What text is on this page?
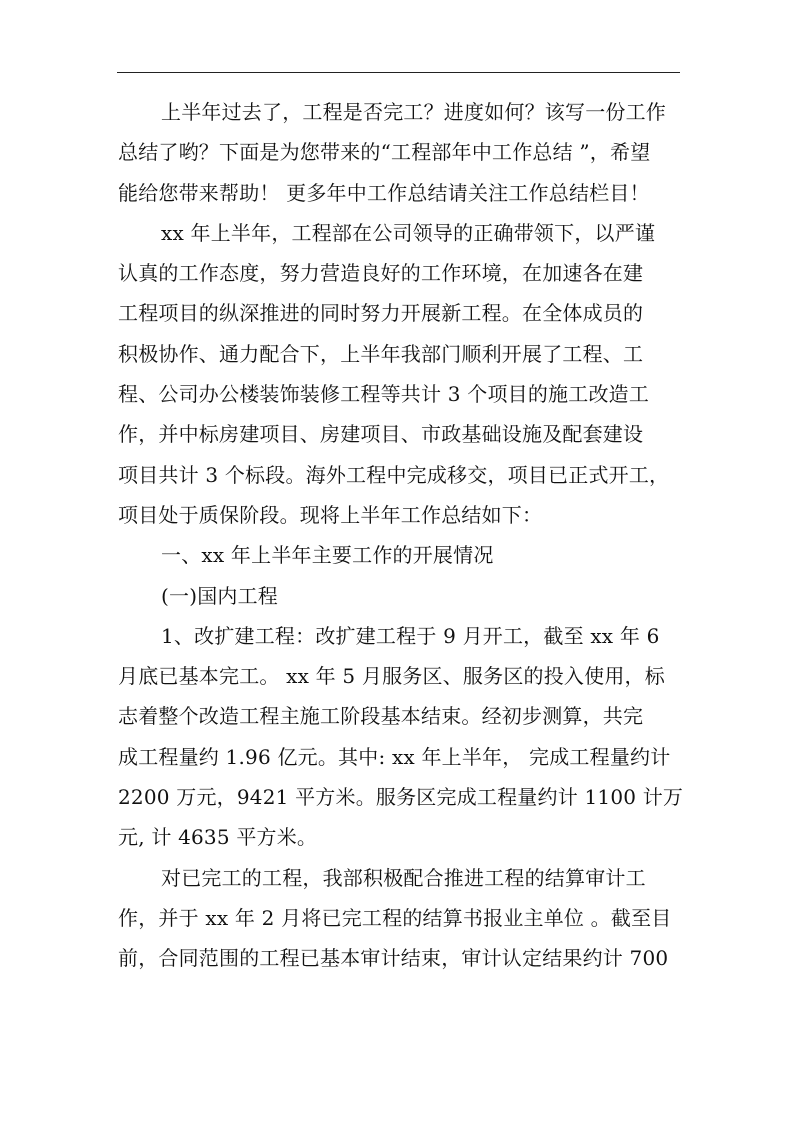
上半年过去了，工程是否完工？进度如何？该写一份工作
总结了哟？下面是为您带来的“工程部年中工作总结 ”，希望
能给您带来帮助！ 更多年中工作总结请关注工作总结栏目！
xx 年上半年，工程部在公司领导的正确带领下，以严谨
认真的工作态度，努力营造良好的工作环境，在加速各在建
工程项目的纵深推进的同时努力开展新工程。在全体成员的
积极协作、通力配合下，上半年我部门顺利开展了工程、工
程、公司办公楼装饰装修工程等共计 3 个项目的施工改造工
作，并中标房建项目、房建项目、市政基础设施及配套建设
项目共计 3 个标段。海外工程中完成移交，项目已正式开工，
项目处于质保阶段。现将上半年工作总结如下：
一、xx 年上半年主要工作的开展情况
(一)国内工程
1、改扩建工程：改扩建工程于 9 月开工，截至 xx 年 6
月底已基本完工。 xx 年 5 月服务区、服务区的投入使用，标
志着整个改造工程主施工阶段基本结束。经初步测算，共完
成工程量约 1.96 亿元。其中: xx 年上半年， 完成工程量约计
2200 万元，9421 平方米。服务区完成工程量约计 1100 计万
元, 计 4635 平方米。
对已完工的工程，我部积极配合推进工程的结算审计工
作，并于 xx 年 2 月将已完工程的结算书报业主单位 。截至目
前，合同范围的工程已基本审计结束，审计认定结果约计 700
